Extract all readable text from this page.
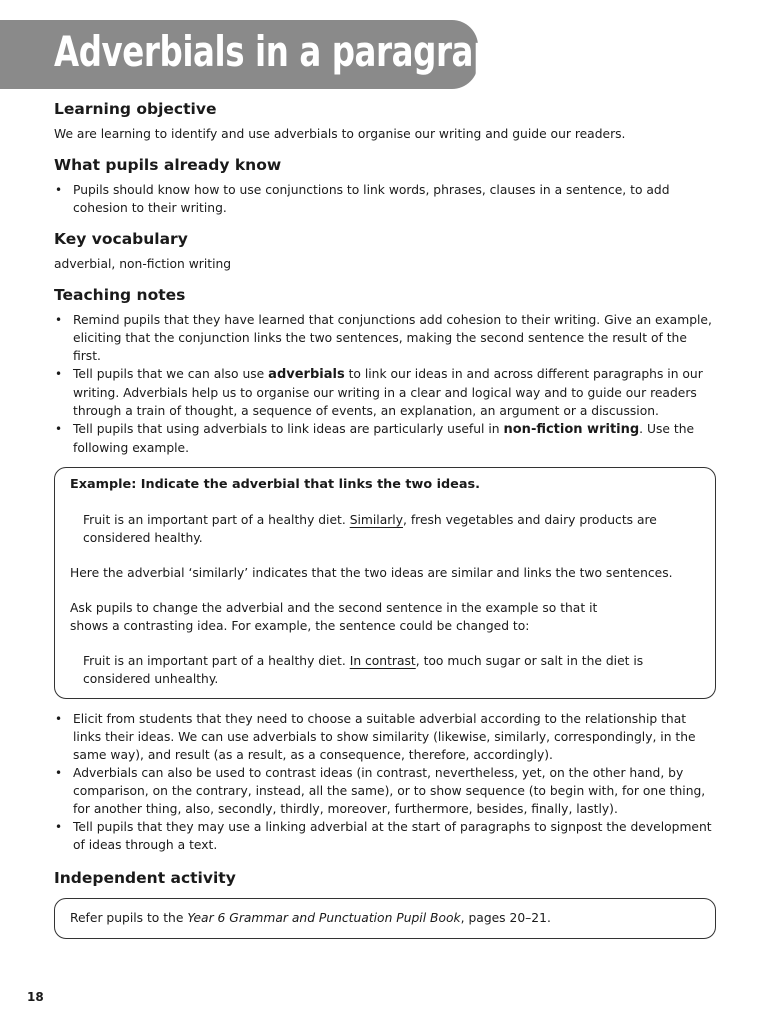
Adverbials in a paragraph
Learning objective

We are learning to identify and use adverbials to organise our writing and guide our readers.

What pupils already know
• Pupils should know how to use conjunctions to link words, phrases, clauses in a sentence, to add cohesion to their writing.
Key vocabulary

adverbial, non-fiction writing

Teaching notes
• Remind pupils that they have learned that conjunctions add cohesion to their writing. Give an example, eliciting that the conjunction links the two sentences, making the second sentence the result of the first.
• Tell pupils that we can also use adverbials to link our ideas in and across different paragraphs in our writing. Adverbials help us to organise our writing in a clear and logical way and to guide our readers through a train of thought, a sequence of events, an explanation, an argument or a discussion.
• Tell pupils that using adverbials to link ideas are particularly useful in non-fiction writing. Use the following example.
Example: Indicate the adverbial that links the two ideas.

Fruit is an important part of a healthy diet. Similarly, fresh vegetables and dairy products are considered healthy.

Here the adverbial ‘similarly’ indicates that the two ideas are similar and links the two sentences.

Ask pupils to change the adverbial and the second sentence in the example so that it shows a contrasting idea. For example, the sentence could be changed to:

Fruit is an important part of a healthy diet. In contrast, too much sugar or salt in the diet is considered unhealthy.

• Elicit from students that they need to choose a suitable adverbial according to the relationship that links their ideas. We can use adverbials to show similarity (likewise, similarly, correspondingly, in the same way), and result (as a result, as a consequence, therefore, accordingly).
• Adverbials can also be used to contrast ideas (in contrast, nevertheless, yet, on the other hand, by comparison, on the contrary, instead, all the same), or to show sequence (to begin with, for one thing, for another thing, also, secondly, thirdly, moreover, furthermore, besides, finally, lastly).
• Tell pupils that they may use a linking adverbial at the start of paragraphs to signpost the development of ideas through a text.
Independent activity

Refer pupils to the Year 6 Grammar and Punctuation Pupil Book, pages 20–21.

18
